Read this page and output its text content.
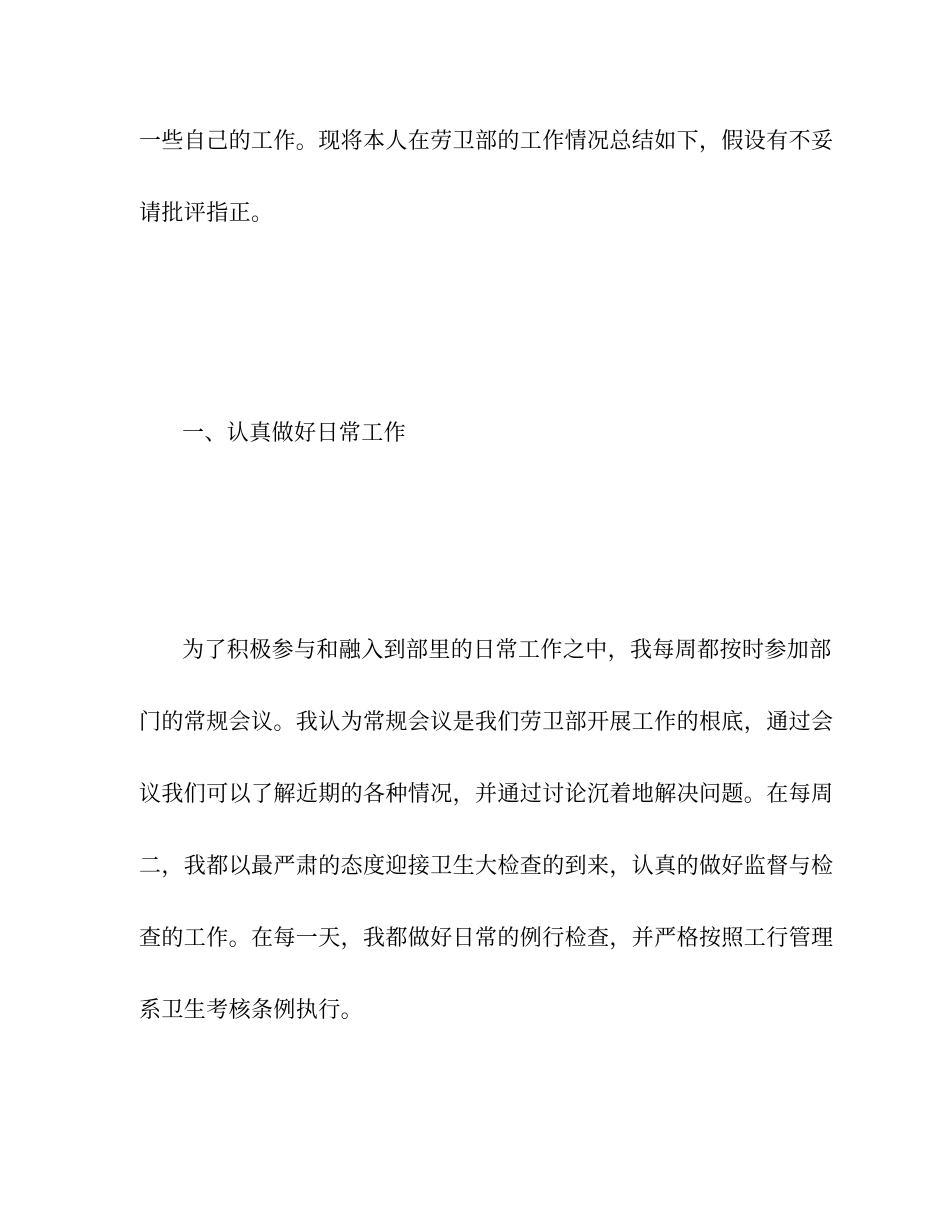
一些自己的工作。现将本人在劳卫部的工作情况总结如下，假设有不妥
请批评指正。
一、认真做好日常工作
为了积极参与和融入到部里的日常工作之中，我每周都按时参加部
门的常规会议。我认为常规会议是我们劳卫部开展工作的根底，通过会
议我们可以了解近期的各种情况，并通过讨论沉着地解决问题。在每周
二，我都以最严肃的态度迎接卫生大检查的到来，认真的做好监督与检
查的工作。在每一天，我都做好日常的例行检查，并严格按照工行管理
系卫生考核条例执行。
